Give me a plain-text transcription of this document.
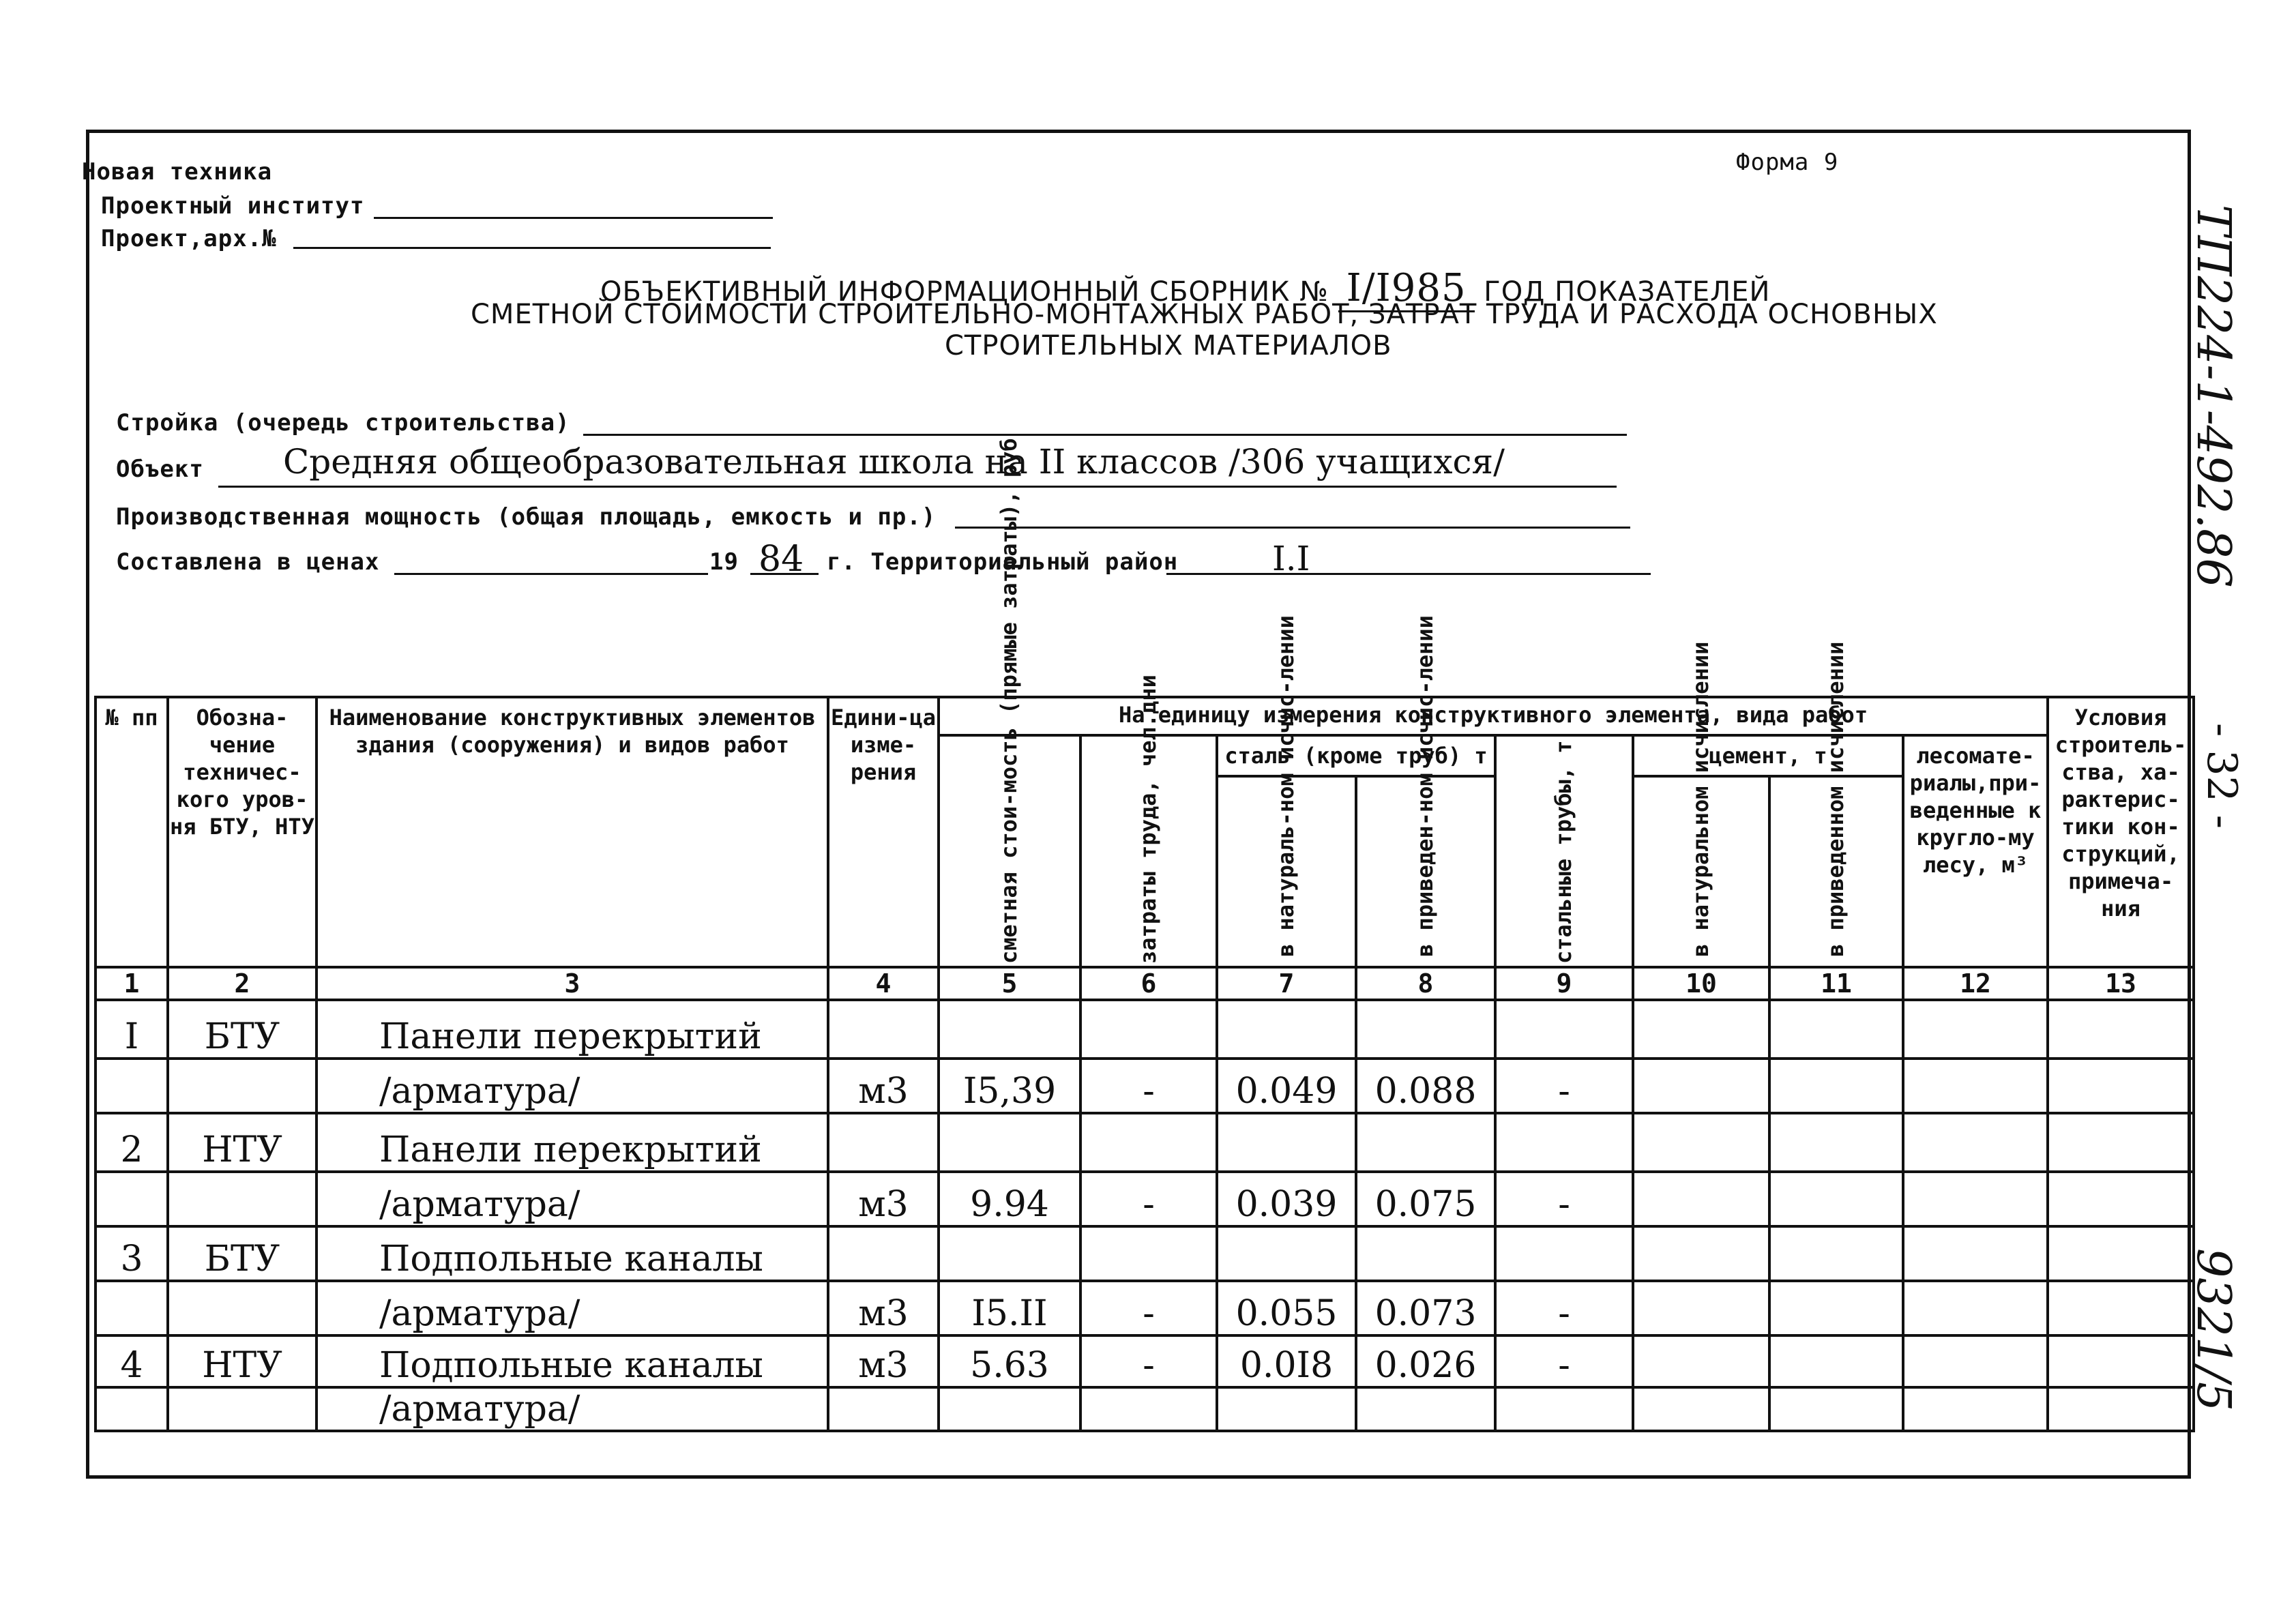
Новая техника
Проектный институт
Проект,арх.№
Форма 9
ОБЪЕКТИВНЫЙ ИНФОРМАЦИОННЫЙ СБОРНИК № I/I985 ГОД ПОКАЗАТЕЛЕЙ
СМЕТНОЙ СТОИМОСТИ СТРОИТЕЛЬНО-МОНТАЖНЫХ РАБОТ, ЗАТРАТ ТРУДА И РАСХОДА ОСНОВНЫХ
СТРОИТЕЛЬНЫХ МАТЕРИАЛОВ
Стройка (очередь строительства)
Объект Средняя общеобразовательная школа на II классов /306 учащихся/
Производственная мощность (общая площадь, емкость и пр.)
Составлена в ценах	19 84 г. Территориальный район	I.I	ТП224-1-492.86
- 32 -
9321/5
№ пп	Обозна-чение техничес-кого уров-ня БТУ, НТУ	Наименование конструктивных элементов здания (сооружения) и видов работ	Едини-ца изме-рения	На единицу измерения конструктивного элемента, вида работ								Условия строитель-ства, ха-рактерис-тики кон-струкций, примеча-ния

				сметная стои-мость (прямые затраты), руб	затраты труда, чел.дни	сталь (кроме труб) т		стальные трубы, т	цемент, т		лесомате-риалы,при-веденные к кругло-му лесу, м³	

						в натураль-ном исчис-лении	в приведен-ном исчис-лении		в натуральном исчислении	в приведенном исчислении		

1	2	3	4	5	6	7	8	9	10	11	12	13
I	БТУ	Панели перекрытий										
		/арматура/	м3	I5,39	-	0.049	0.088	-				
2	НТУ	Панели перекрытий										
		/арматура/	м3	9.94	-	0.039	0.075	-				
3	БТУ	Подпольные каналы										
		/арматура/	м3	I5.II	-	0.055	0.073	-				
4	НТУ	Подпольные каналы	м3	5.63	-	0.0I8	0.026	-				
		/арматура/										
